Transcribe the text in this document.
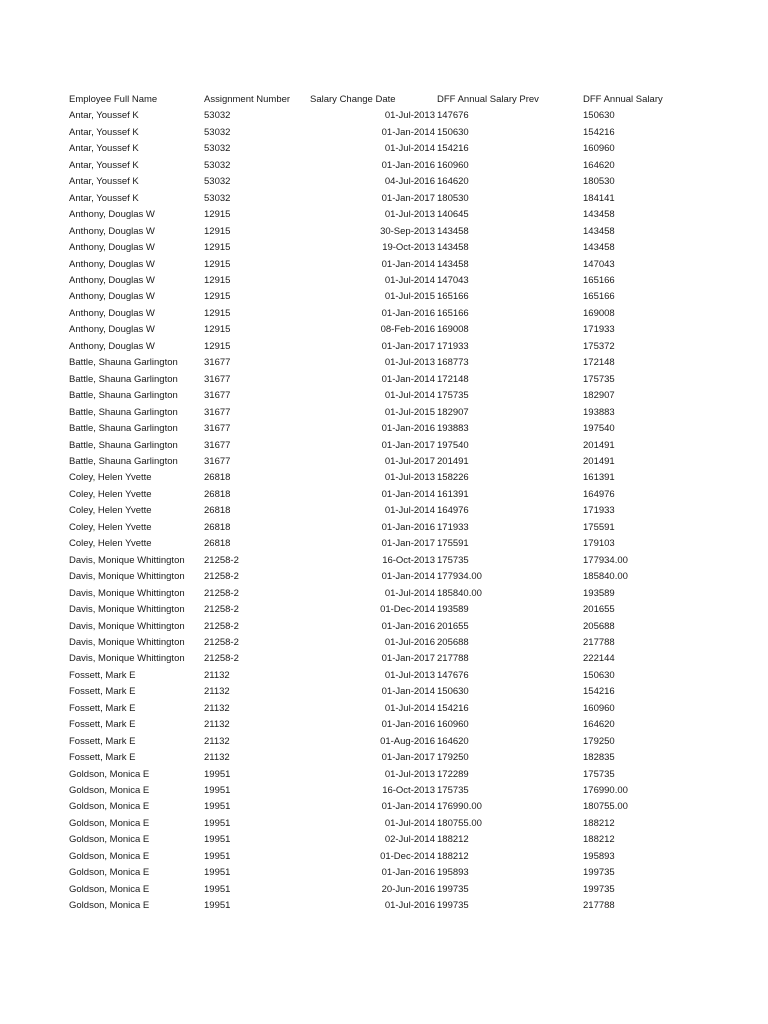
Employee Full Name	Assignment Number	Salary Change Date	DFF Annual Salary Prev	DFF Annual Salary
Antar, Youssef K	53032	01-Jul-2013	147676	150630
Antar, Youssef K	53032	01-Jan-2014	150630	154216
Antar, Youssef K	53032	01-Jul-2014	154216	160960
Antar, Youssef K	53032	01-Jan-2016	160960	164620
Antar, Youssef K	53032	04-Jul-2016	164620	180530
Antar, Youssef K	53032	01-Jan-2017	180530	184141
Anthony, Douglas W	12915	01-Jul-2013	140645	143458
Anthony, Douglas W	12915	30-Sep-2013	143458	143458
Anthony, Douglas W	12915	19-Oct-2013	143458	143458
Anthony, Douglas W	12915	01-Jan-2014	143458	147043
Anthony, Douglas W	12915	01-Jul-2014	147043	165166
Anthony, Douglas W	12915	01-Jul-2015	165166	165166
Anthony, Douglas W	12915	01-Jan-2016	165166	169008
Anthony, Douglas W	12915	08-Feb-2016	169008	171933
Anthony, Douglas W	12915	01-Jan-2017	171933	175372
Battle, Shauna Garlington	31677	01-Jul-2013	168773	172148
Battle, Shauna Garlington	31677	01-Jan-2014	172148	175735
Battle, Shauna Garlington	31677	01-Jul-2014	175735	182907
Battle, Shauna Garlington	31677	01-Jul-2015	182907	193883
Battle, Shauna Garlington	31677	01-Jan-2016	193883	197540
Battle, Shauna Garlington	31677	01-Jan-2017	197540	201491
Battle, Shauna Garlington	31677	01-Jul-2017	201491	201491
Coley, Helen Yvette	26818	01-Jul-2013	158226	161391
Coley, Helen Yvette	26818	01-Jan-2014	161391	164976
Coley, Helen Yvette	26818	01-Jul-2014	164976	171933
Coley, Helen Yvette	26818	01-Jan-2016	171933	175591
Coley, Helen Yvette	26818	01-Jan-2017	175591	179103
Davis, Monique Whittington	21258-2	16-Oct-2013	175735	177934.00
Davis, Monique Whittington	21258-2	01-Jan-2014	177934.00	185840.00
Davis, Monique Whittington	21258-2	01-Jul-2014	185840.00	193589
Davis, Monique Whittington	21258-2	01-Dec-2014	193589	201655
Davis, Monique Whittington	21258-2	01-Jan-2016	201655	205688
Davis, Monique Whittington	21258-2	01-Jul-2016	205688	217788
Davis, Monique Whittington	21258-2	01-Jan-2017	217788	222144
Fossett, Mark E	21132	01-Jul-2013	147676	150630
Fossett, Mark E	21132	01-Jan-2014	150630	154216
Fossett, Mark E	21132	01-Jul-2014	154216	160960
Fossett, Mark E	21132	01-Jan-2016	160960	164620
Fossett, Mark E	21132	01-Aug-2016	164620	179250
Fossett, Mark E	21132	01-Jan-2017	179250	182835
Goldson, Monica E	19951	01-Jul-2013	172289	175735
Goldson, Monica E	19951	16-Oct-2013	175735	176990.00
Goldson, Monica E	19951	01-Jan-2014	176990.00	180755.00
Goldson, Monica E	19951	01-Jul-2014	180755.00	188212
Goldson, Monica E	19951	02-Jul-2014	188212	188212
Goldson, Monica E	19951	01-Dec-2014	188212	195893
Goldson, Monica E	19951	01-Jan-2016	195893	199735
Goldson, Monica E	19951	20-Jun-2016	199735	199735
Goldson, Monica E	19951	01-Jul-2016	199735	217788
